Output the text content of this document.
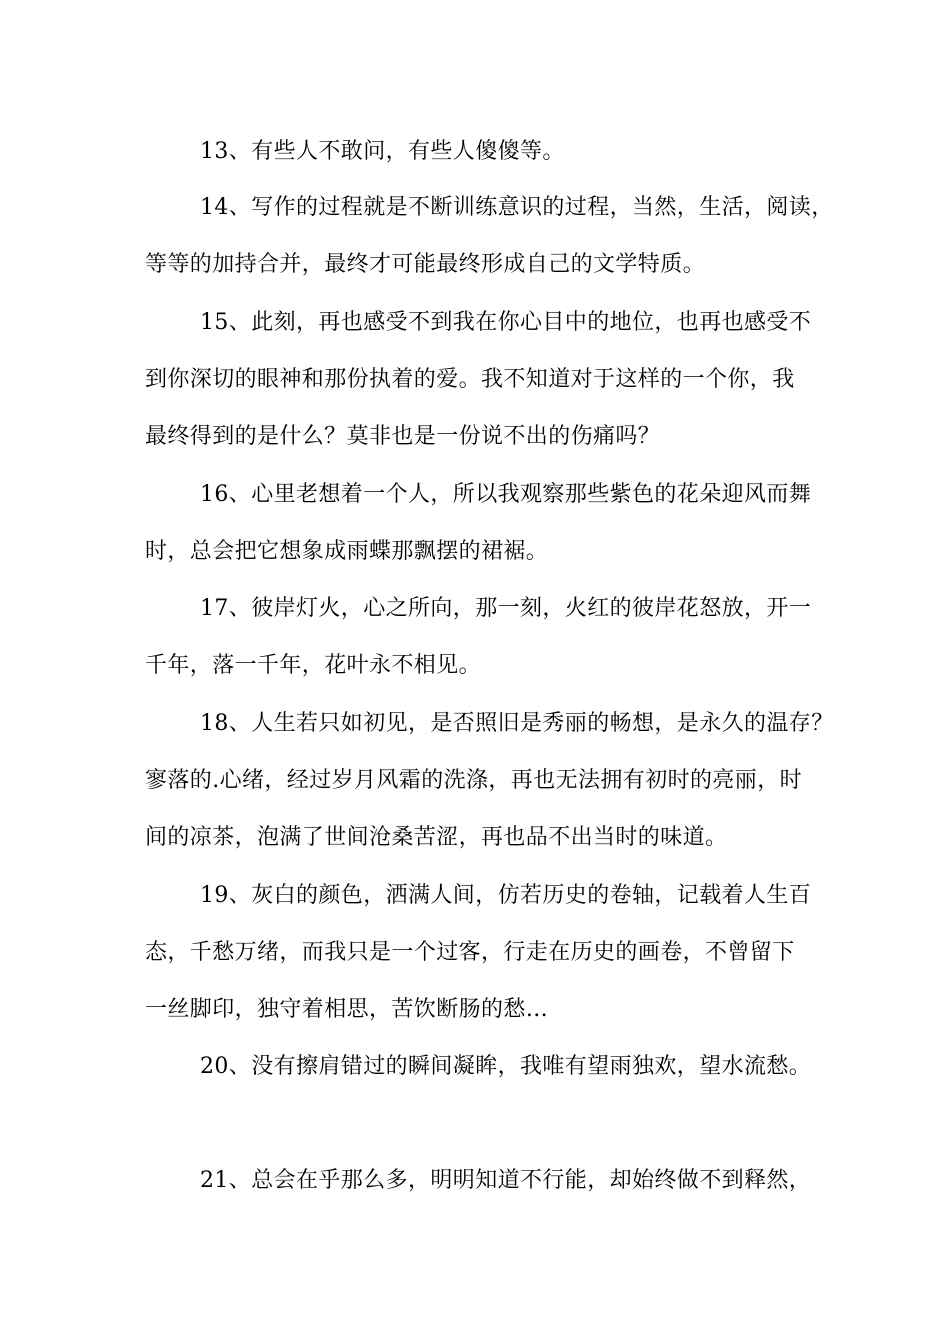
13、有些人不敢问，有些人傻傻等。
14、写作的过程就是不断训练意识的过程，当然，生活，阅读，
等等的加持合并，最终才可能最终形成自己的文学特质。
15、此刻，再也感受不到我在你心目中的地位，也再也感受不
到你深切的眼神和那份执着的爱。我不知道对于这样的一个你，我
最终得到的是什么？莫非也是一份说不出的伤痛吗？
16、心里老想着一个人，所以我观察那些紫色的花朵迎风而舞
时，总会把它想象成雨蝶那飘摆的裙裾。
17、彼岸灯火，心之所向，那一刻，火红的彼岸花怒放，开一
千年，落一千年，花叶永不相见。
18、人生若只如初见，是否照旧是秀丽的畅想，是永久的温存？
寥落的.心绪，经过岁月风霜的洗涤，再也无法拥有初时的亮丽，时
间的凉茶，泡满了世间沧桑苦涩，再也品不出当时的味道。
19、灰白的颜色，洒满人间，仿若历史的卷轴，记载着人生百
态，千愁万绪，而我只是一个过客，行走在历史的画卷，不曾留下
一丝脚印，独守着相思，苦饮断肠的愁…
20、没有擦肩错过的瞬间凝眸，我唯有望雨独欢，望水流愁。
21、总会在乎那么多，明明知道不行能，却始终做不到释然，
